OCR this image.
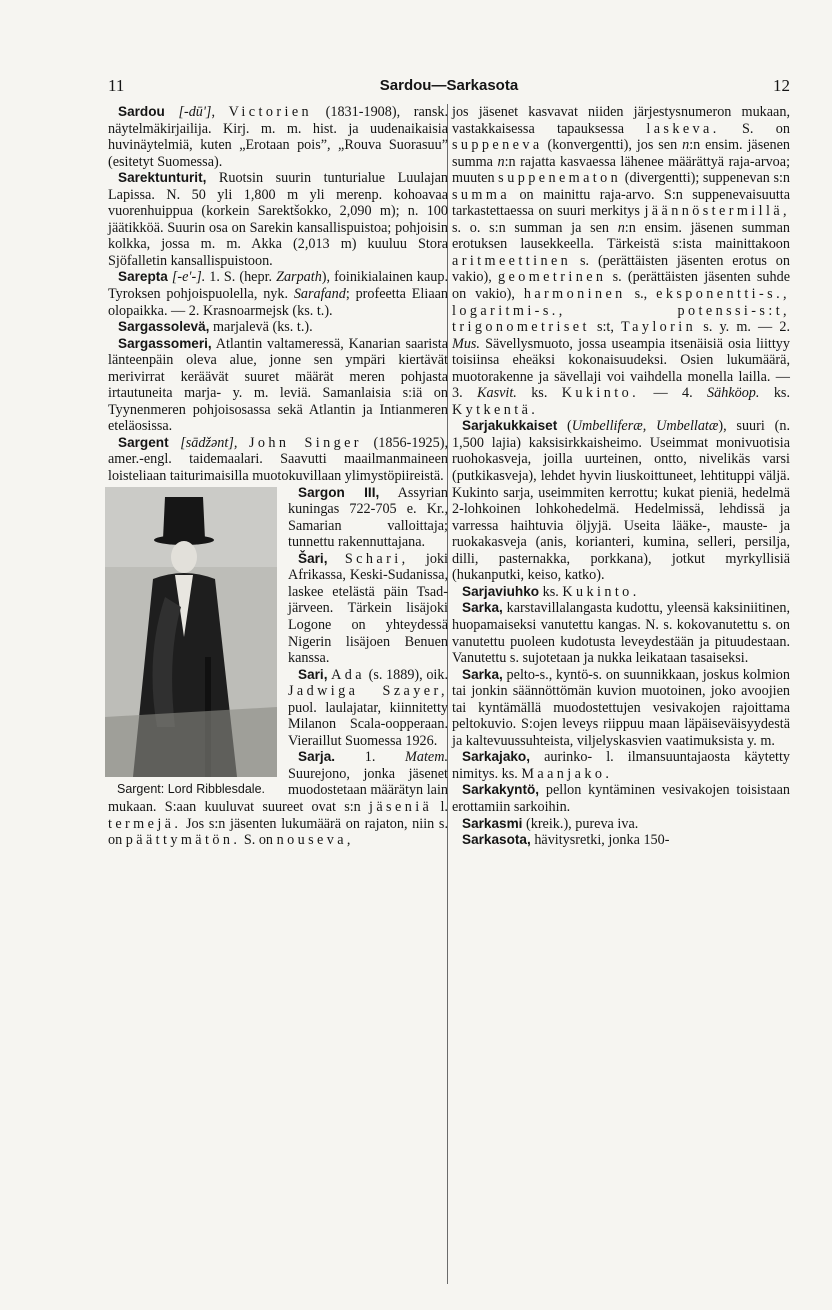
11	Sardou—Sarkasota	12

Sardou [-dū'], Victorien (1831-1908), ransk. näytelmäkirjailija. Kirj. m. m. hist. ja uudenaikaisia huvinäytelmiä, kuten „Erotaan pois”, „Rouva Suorasuu” (esitetyt Suomessa).

Sarektunturit, Ruotsin suurin tunturialue Luulajan Lapissa. N. 50 yli 1,800 m yli merenp. kohoavaa vuorenhuippua (korkein Sarektšokko, 2,090 m); n. 100 jäätikköä. Suurin osa on Sarekin kansallispuistoa; pohjoisin kolkka, jossa m. m. Akka (2,013 m) kuuluu Stora Sjöfalletin kansallispuistoon.

Sarepta [-e'-]. 1. S. (hepr. Zarpath), foinikialainen kaup. Tyroksen pohjoispuolella, nyk. Sarafand; profeetta Eliaan olopaikka. — 2. Krasnoarmejsk (ks. t.).

Sargassolevä, marjalevä (ks. t.).

Sargassomeri, Atlantin valtameressä, Kanarian saarista länteenpäin oleva alue, jonne sen ympäri kiertävät merivirrat keräävät suuret määrät meren pohjasta irtautuneita marja- y. m. leviä. Samanlaisia s:iä on Tyynenmeren pohjoisosassa sekä Atlantin ja Intianmeren eteläosissa.

Sargent [sādžənt], John Singer (1856-1925), amer.-engl. taidemaalari. Saavutti maailmanmaineen loisteliaan taiturimaisilla muotokuvillaan ylimystöpiireistä.

Sargent: Lord Ribblesdale.

Sargon III, Assyrian kuningas 722-705 e. Kr., Samarian valloittaja; tunnettu rakennuttajana.

Šari, Schari, joki Afrikassa, Keski-Sudanissa, laskee etelästä päin Tsad-järveen. Tärkein lisäjoki Logone on yhteydessä Nigerin lisäjoen Benuen kanssa.

Sari, Ada (s. 1889), oik. Jadwiga Szayer, puol. laulajatar, kiinnitetty Milanon Scala-oopperaan. Vieraillut Suomessa 1926.

Sarja. 1. Matem. Suurejono, jonka jäsenet muodostetaan määrätyn lain mukaan. S:aan kuuluvat suureet ovat s:n jäseniä l. termejä. Jos s:n jäsenten lukumäärä on rajaton, niin s. on päättymätön. S. on nouseva,

jos jäsenet kasvavat niiden järjestysnumeron mukaan, vastakkaisessa tapauksessa laskeva. S. on suppeneva (konvergentti), jos sen n:n ensim. jäsenen summa n:n rajatta kasvaessa lähenee määrättyä raja-arvoa; muuten s uppenematon (divergentti); suppenevan s:n summa on mainittu raja-arvo. S:n suppenevaisuutta tarkastettaessa on suuri merkitys jäännöstermillä, s. o. s:n summan ja sen n:n ensim. jäsenen summan erotuksen lausekkeella. Tärkeistä s:ista mainittakoon aritmeettinen s. (perättäisten jäsenten erotus on vakio), geometrinen s. (perättäisten jäsenten suhde on vakio), harmoninen s., eksponentti-s., logaritmi-s.,	potenssi-s:t, trigonometriset s:t, Taylorin s. y. m. — 2. Mus. Sävellysmuoto, jossa useampia itsenäisiä osia liittyy toisiinsa eheäksi kokonaisuudeksi. Osien lukumäärä, muotorakenne ja sävellaji voi vaihdella monella lailla. — 3. Kasvit. ks. Kukinto. — 4. Sähköop. ks. Kytkentä.

Sarjakukkaiset (Umbelliferæ, Umbellatæ), suuri (n. 1,500 lajia) kaksisirkkaisheimo. Useimmat monivuotisia ruohokasveja, joilla uurteinen, ontto, nivelikäs varsi (putkikasveja), lehdet hyvin liuskoittuneet, lehtituppi väljä. Kukinto sarja, useimmiten kerrottu; kukat pieniä, hedelmä 2-lohkoinen lohkohedelmä. Hedelmissä, lehdissä ja varressa haihtuvia öljyjä. Useita lääke-, mauste- ja ruokakasveja (anis, korianteri, kumina, selleri, persilja, dilli, pasternakka, porkkana), jotkut myrkyllisiä (hukanputki, keiso, katko).

Sarjaviuhko ks. Kukinto.

Sarka, karstavillalangasta kudottu, yleensä kaksiniitinen, huopamaiseksi vanutettu kangas. N. s. kokovanutettu s. on vanutettu puoleen kudotusta leveydestään ja pituudestaan. Vanutettu s. sujotetaan ja nukka leikataan tasaiseksi.

Sarka, pelto-s., kyntö-s. on suunnikkaan, joskus kolmion tai jonkin säännöttömän kuvion muotoinen, joko avoojien tai kyntämällä muodostettujen vesivakojen rajoittama peltokuvio. S:ojen leveys riippuu maan läpäiseväisyydestä ja kaltevuussuhteista, viljelyskasvien vaatimuksista y. m.

Sarkajako, aurinko- l. ilmansuuntajaosta käytetty nimitys. ks. Maanjako.

Sarkakyntö, pellon kyntäminen vesivakojen toisistaan erottamiin sarkoihin.

Sarkasmi (kreik.), pureva iva.

Sarkasota, hävitysretki, jonka 150-
